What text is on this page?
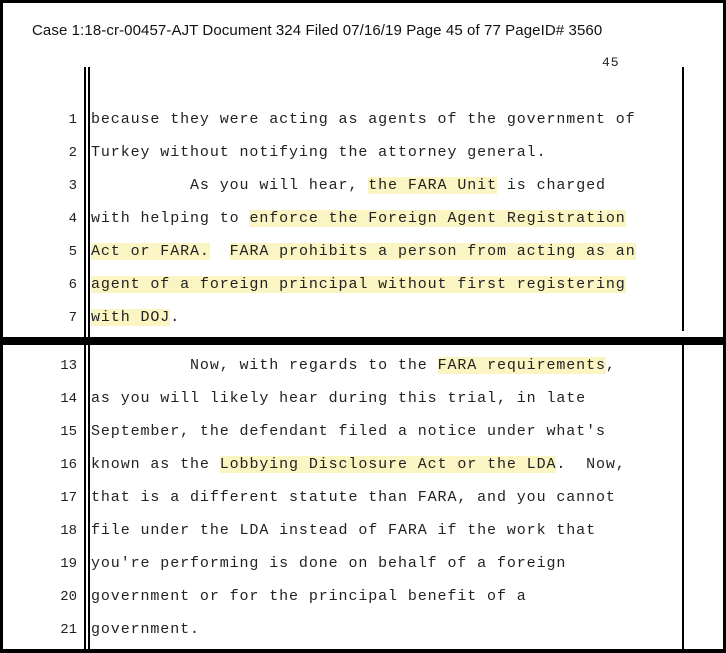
Case 1:18-cr-00457-AJT Document 324 Filed 07/16/19 Page 45 of 77 PageID# 3560
45
1 because they were acting as agents of the government of
2 Turkey without notifying the attorney general.
3 As you will hear, the FARA Unit is charged
4 with helping to enforce the Foreign Agent Registration
5 Act or FARA. FARA prohibits a person from acting as an
6 agent of a foreign principal without first registering
7 with DOJ.
13 Now, with regards to the FARA requirements,
14 as you will likely hear during this trial, in late
15 September, the defendant filed a notice under what's
16 known as the Lobbying Disclosure Act or the LDA.  Now,
17 that is a different statute than FARA, and you cannot
18 file under the LDA instead of FARA if the work that
19 you're performing is done on behalf of a foreign
20 government or for the principal benefit of a
21 government.
